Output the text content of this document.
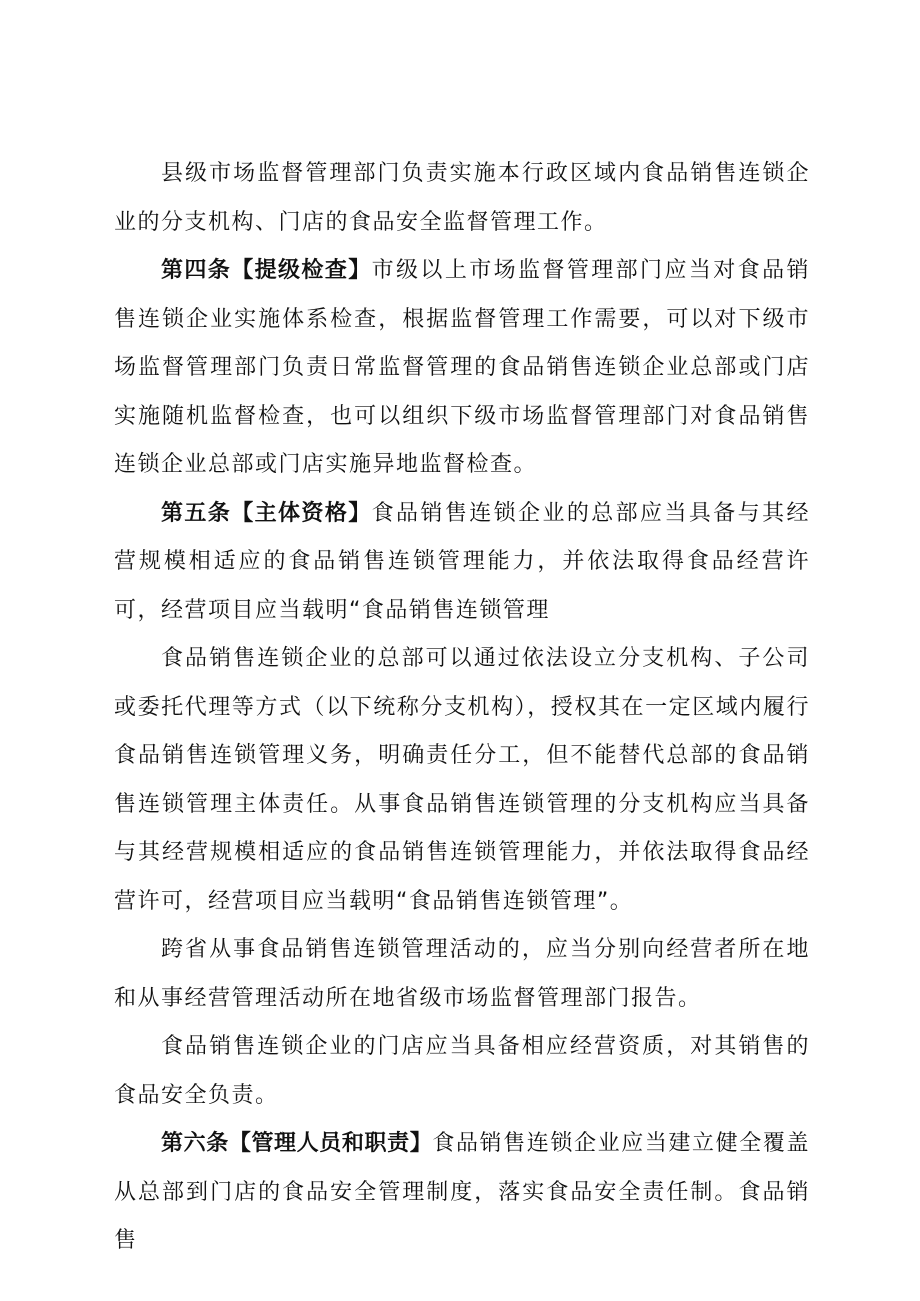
县级市场监督管理部门负责实施本行政区域内食品销售连锁企业的分支机构、门店的食品安全监督管理工作。

第四条【提级检查】市级以上市场监督管理部门应当对食品销售连锁企业实施体系检查，根据监督管理工作需要，可以对下级市场监督管理部门负责日常监督管理的食品销售连锁企业总部或门店实施随机监督检查，也可以组织下级市场监督管理部门对食品销售连锁企业总部或门店实施异地监督检查。

第五条【主体资格】食品销售连锁企业的总部应当具备与其经营规模相适应的食品销售连锁管理能力，并依法取得食品经营许可，经营项目应当载明“食品销售连锁管理

食品销售连锁企业的总部可以通过依法设立分支机构、子公司或委托代理等方式（以下统称分支机构），授权其在一定区域内履行食品销售连锁管理义务，明确责任分工，但不能替代总部的食品销售连锁管理主体责任。从事食品销售连锁管理的分支机构应当具备与其经营规模相适应的食品销售连锁管理能力，并依法取得食品经营许可，经营项目应当载明“食品销售连锁管理”。

跨省从事食品销售连锁管理活动的，应当分别向经营者所在地和从事经营管理活动所在地省级市场监督管理部门报告。

食品销售连锁企业的门店应当具备相应经营资质，对其销售的食品安全负责。

第六条【管理人员和职责】食品销售连锁企业应当建立健全覆盖从总部到门店的食品安全管理制度，落实食品安全责任制。食品销售
